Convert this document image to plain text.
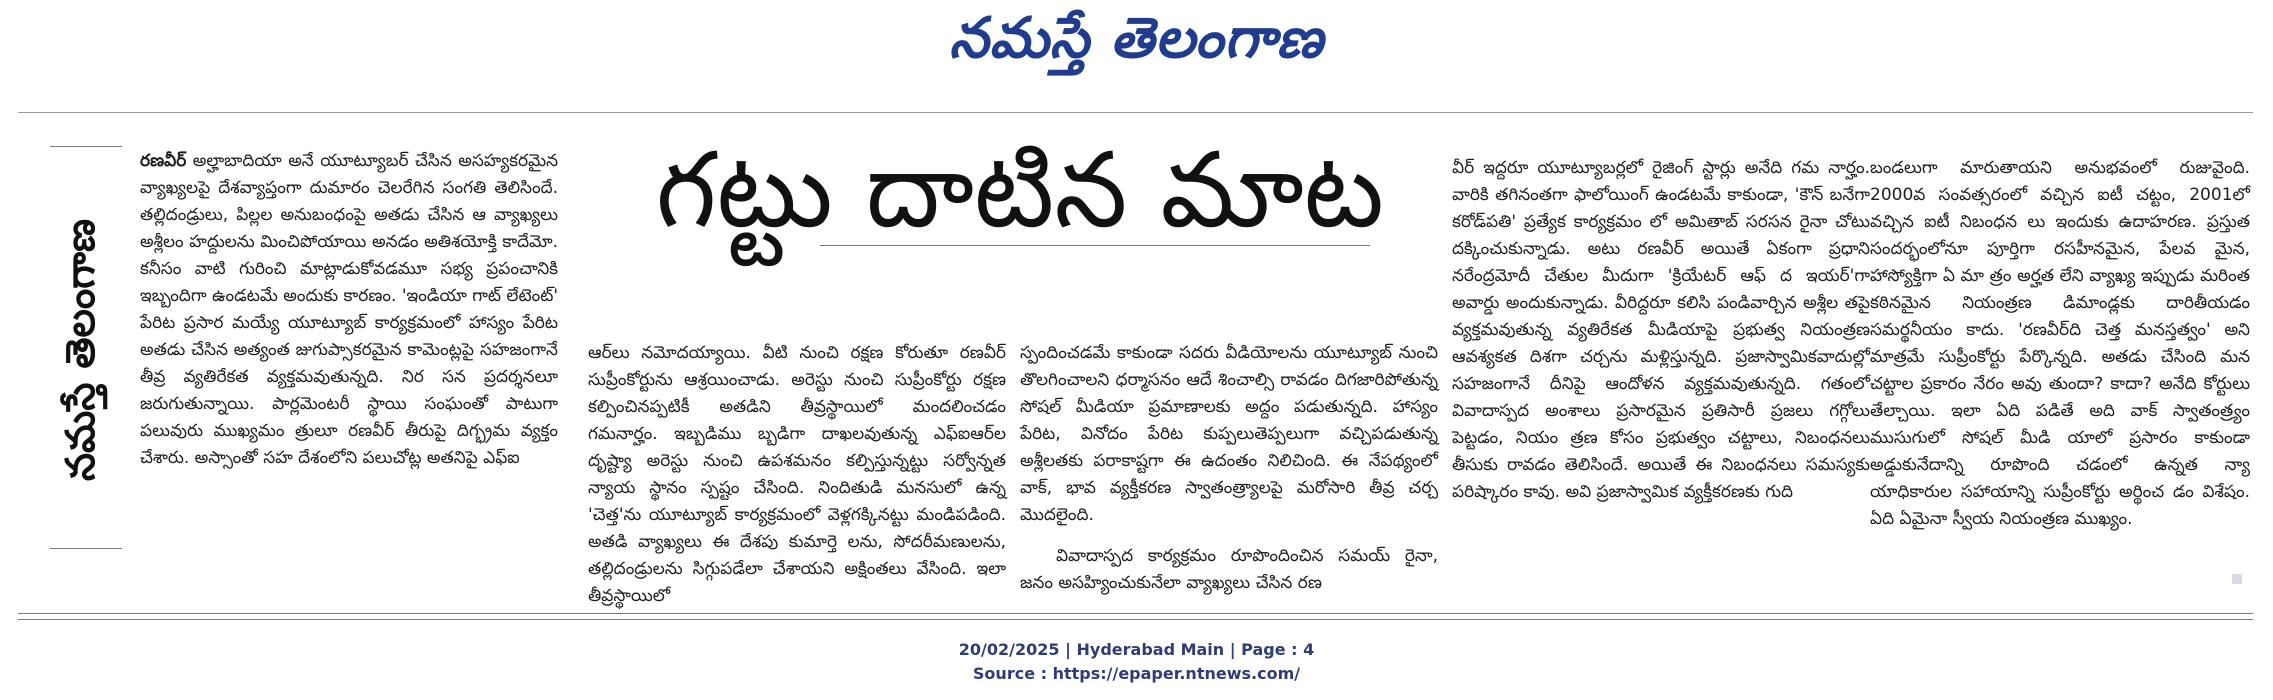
నమస్తే తెలంగాణ
నమస్తే తెలంగాణ

రణవీర్ అల్హాబాదియా అనే యూట్యూబర్ చేసిన అసహ్యకరమైన వ్యాఖ్యలపై దేశవ్యాప్తంగా దుమారం చెలరేగిన సంగతి తెలిసిందే. తల్లిదండ్రులు, పిల్లల అనుబంధంపై అతడు చేసిన ఆ వ్యాఖ్యలు అశ్లీలం హద్దులను మించిపోయాయి అనడం అతిశయోక్తి కాదేమో. కనీసం వాటి గురించి మాట్లాడుకోవడమూ సభ్య ప్రపంచానికి ఇబ్బందిగా ఉండటమే అందుకు కారణం. 'ఇండియా గాట్ లేటెంట్' పేరిట ప్రసార మయ్యే యూట్యూబ్ కార్యక్రమంలో హాస్యం పేరిట అతడు చేసిన అత్యంత జుగుప్సాకరమైన కామెంట్లపై సహజంగానే తీవ్ర వ్యతిరేకత వ్యక్తమవుతున్నది. నిర సన ప్రదర్శనలూ జరుగుతున్నాయి. పార్లమెంటరీ స్థాయి సంఘంతో పాటుగా పలువురు ముఖ్యమం త్రులూ రణవీర్ తీరుపై దిగ్భ్రమ వ్యక్తం చేశారు. అస్సాంతో సహ దేశంలోని పలుచోట్ల అతనిపై ఎఫ్ఐ

గట్టు దాటిన మాట

ఆర్‌లు నమోదయ్యాయి. వీటి నుంచి రక్షణ కోరుతూ రణవీర్ సుప్రీంకోర్టును ఆశ్రయించాడు. అరెస్టు నుంచి సుప్రీంకోర్టు రక్షణ కల్పించినప్పటికీ అతడిని తీవ్రస్థాయిలో మందలించడం గమనార్హం. ఇబ్బడిము బ్బడిగా దాఖలవుతున్న ఎఫ్ఐఆర్‌ల దృష్ట్యా అరెస్టు నుంచి ఉపశమనం కల్పిస్తున్నట్టు సర్వోన్నత న్యాయ స్థానం స్పష్టం చేసింది. నిందితుడి మనసులో ఉన్న 'చెత్త'ను యూట్యూబ్ కార్యక్రమంలో వెళ్లగక్కినట్టు మండిపడింది. అతడి వ్యాఖ్యలు ఈ దేశపు కుమార్తె లను, సోదరీమణులను, తల్లిదండ్రులను సిగ్గుపడేలా చేశాయని అక్షింతలు వేసింది. ఇలా తీవ్రస్థాయిలో

స్పందించడమే కాకుండా సదరు వీడియోలను యూట్యూబ్ నుంచి తొలగించాలని ధర్మాసనం ఆదే శించాల్సి రావడం దిగజారిపోతున్న సోషల్ మీడియా ప్రమాణాలకు అద్దం పడుతున్నది. హాస్యం పేరిట, వినోదం పేరిట కుప్పలుతెప్పలుగా వచ్చిపడుతున్న అశ్లీలతకు పరాకాష్టగా ఈ ఉదంతం నిలిచింది. ఈ నేపథ్యంలో వాక్, భావ వ్యక్తీకరణ స్వాతంత్ర్యాలపై మరోసారి తీవ్ర చర్చ మొదలైంది.

వివాదాస్పద కార్యక్రమం రూపొందించిన సమయ్ రైనా, జనం అసహ్యించుకునేలా వ్యాఖ్యలు చేసిన రణ

వీర్ ఇద్దరూ యూట్యూబర్లలో రైజింగ్ స్టార్లు అనేది గమ నార్హం. వారికి తగినంతగా ఫాలోయింగ్ ఉండటమే కాకుండా, 'కౌన్ బనేగా కరోడ్‌పతి' ప్రత్యేక కార్యక్రమం లో అమితాబ్ సరసన రైనా చోటు దక్కించుకున్నాడు. అటు రణవీర్ అయితే ఏకంగా ప్రధాని నరేంద్రమోదీ చేతుల మీదుగా 'క్రియేటర్ ఆఫ్ ద ఇయర్'గా అవార్డు అందుకున్నాడు. వీరిద్దరూ కలిసి పండివార్చిన అశ్లీల తపై వ్యక్తమవుతున్న వ్యతిరేకత మీడియాపై ప్రభుత్వ నియంత్రణ ఆవశ్యకత దిశగా చర్చను మళ్లిస్తున్నది. ప్రజాస్వామికవాదుల్లో సహజంగానే దీనిపై ఆందోళన వ్యక్తమవుతున్నది. గతంలో వివాదాస్పద అంశాలు ప్రసారమైన ప్రతిసారీ ప్రజలు గగ్గోలు పెట్టడం, నియం త్రణ కోసం ప్రభుత్వం చట్టాలు, నిబంధనలు తీసుకు రావడం తెలిసిందే. అయితే ఈ నిబంధనలు సమస్యకు పరిష్కారం కావు. అవి ప్రజాస్వామిక వ్యక్తీకరణకు గుది

బండలుగా మారుతాయని అనుభవంలో రుజువైంది. 2000వ సంవత్సరంలో వచ్చిన ఐటీ చట్టం, 2001లో వచ్చిన ఐటీ నిబంధన లు ఇందుకు ఉదాహరణ. ప్రస్తుత సందర్భంలోనూ పూర్తిగా రసహీనమైన, పేలవ మైన, హాస్యోక్తిగా ఏ మా త్రం అర్హత లేని వ్యాఖ్య ఇప్పుడు మరింత కఠినమైన నియంత్రణ డిమాండ్లకు దారితీయడం సమర్థనీయం కాదు. 'రణవీర్‌ది చెత్త మనస్తత్వం' అని మాత్రమే సుప్రీంకోర్టు పేర్కొన్నది. అతడు చేసింది మన చట్టాల ప్రకారం నేరం అవు తుందా? కాదా? అనేది కోర్టులు తేల్చాయి. ఇలా ఏది పడితే అది వాక్ స్వాతంత్ర్యం ముసుగులో సోషల్ మీడి యాలో ప్రసారం కాకుండా అడ్డుకునేదాన్ని రూపొంది చడంలో ఉన్నత న్యా యాధికారుల సహాయాన్ని సుప్రీంకోర్టు అర్థించ డం విశేషం. ఏది ఏమైనా స్వీయ నియంత్రణ ముఖ్యం.

20/02/2025 | Hyderabad Main | Page : 4
Source : https://epaper.ntnews.com/
